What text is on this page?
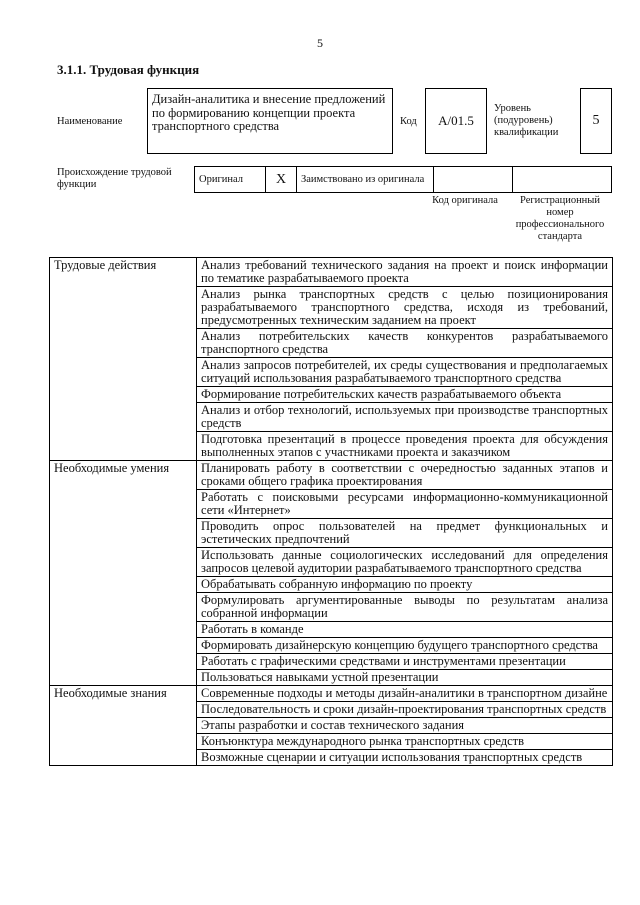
5
3.1.1. Трудовая функция
Наименование
Дизайн-аналитика и внесение предложений по формированию концепции проекта транспортного средства	Код	A/01.5
Уровень (подуровень) квалификации
5
Происхождение трудовой функции	Оригинал	X	Заимствовано из оригинала		
Код оригинала	Регистрационный номер профессионального стандарта
Трудовые действия	Анализ требований технического задания на проект и поиск информации по тематике разрабатываемого проекта
	Анализ рынка транспортных средств с целью позиционирования разрабатываемого транспортного средства, исходя из требований, предусмотренных техническим заданием на проект
	Анализ потребительских качеств конкурентов разрабатываемого транспортного средства
	Анализ запросов потребителей, их среды существования и предполагаемых ситуаций использования разрабатываемого транспортного средства
	Формирование потребительских качеств разрабатываемого объекта
	Анализ и отбор технологий, используемых при производстве транспортных средств
	Подготовка презентаций в процессе проведения проекта для обсуждения выполненных этапов с участниками проекта и заказчиком
Необходимые умения	Планировать работу в соответствии с очередностью заданных этапов и сроками общего графика проектирования
	Работать с поисковыми ресурсами информационно-коммуникационной сети «Интернет»
	Проводить опрос пользователей на предмет функциональных и эстетических предпочтений
	Использовать данные социологических исследований для определения запросов целевой аудитории разрабатываемого транспортного средства
	Обрабатывать собранную информацию по проекту
	Формулировать аргументированные выводы по результатам анализа собранной информации
	Работать в команде
	Формировать дизайнерскую концепцию будущего транспортного средства
	Работать с графическими средствами и инструментами презентации
	Пользоваться навыками устной презентации
Необходимые знания	Современные подходы и методы дизайн-аналитики в транспортном дизайне
	Последовательность и сроки дизайн-проектирования транспортных средств
	Этапы разработки и состав технического задания
	Конъюнктура международного рынка транспортных средств
	Возможные сценарии и ситуации использования транспортных средств
